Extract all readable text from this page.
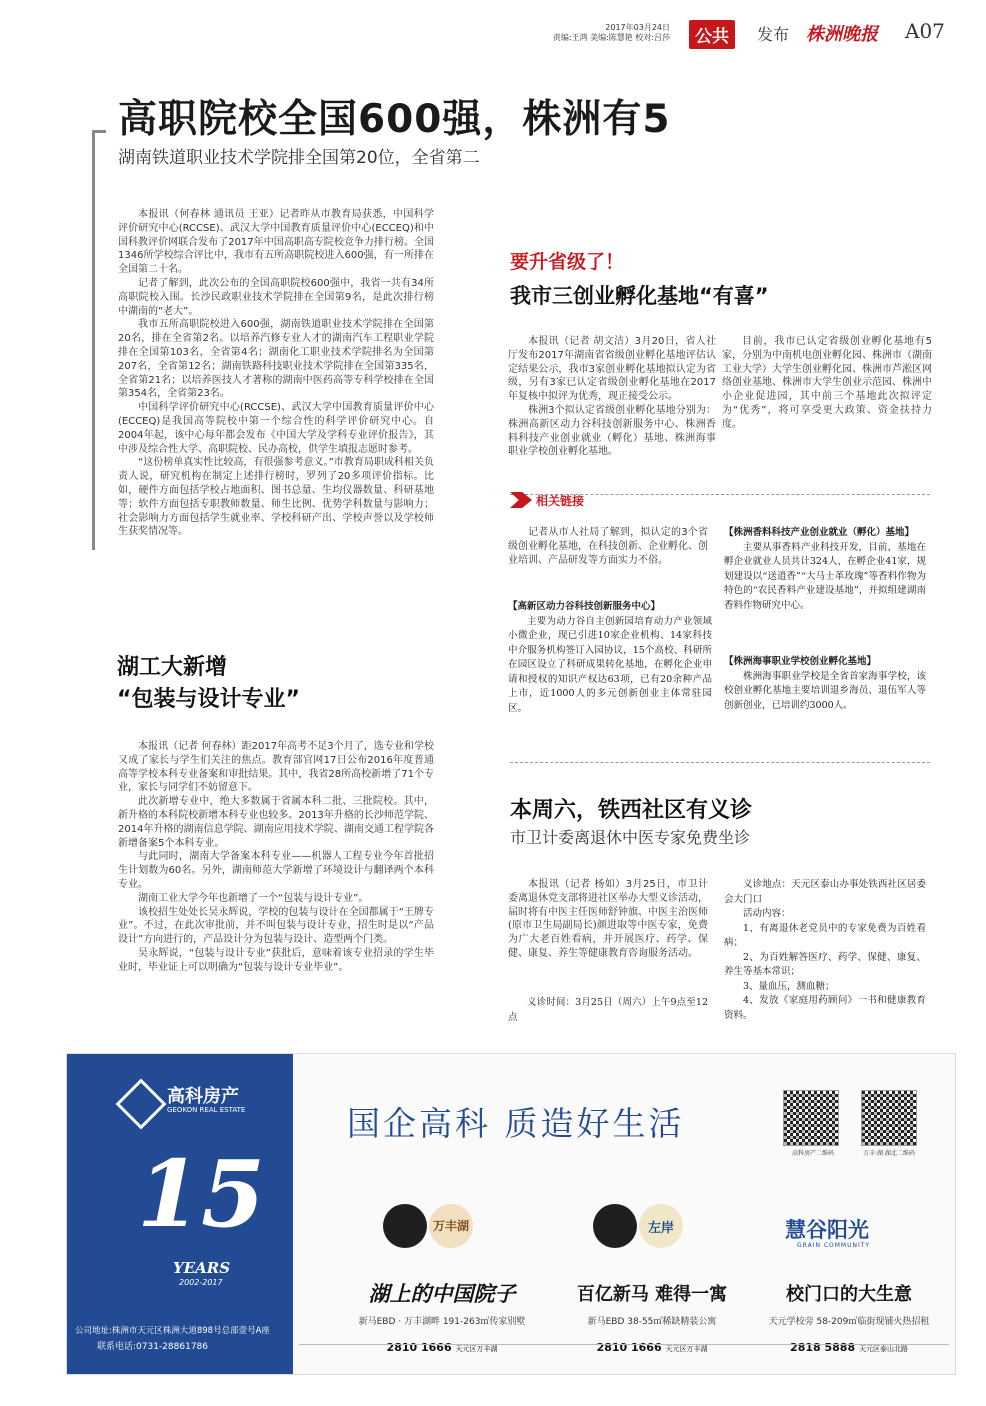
2017年03月24日
责编:王鸿 美编:陈慧艳 校对:吕莎	公共	发布 株洲晚报 A07
高职院校全国600强，株洲有5
湖南铁道职业技术学院排全国第20位，全省第二

本报讯（何春林 通讯员 王亚）记者昨从市教育局获悉，中国科学评价研究中心(RCCSE)、武汉大学中国教育质量评价中心(ECCEQ)和中国科教评价网联合发布了2017年中国高职高专院校竞争力排行榜。全国1346所学校综合评比中，我市有五所高职院校进入600强，有一所排在全国第二十名。

记者了解到，此次公布的全国高职院校600强中，我省一共有34所高职院校入围。长沙民政职业技术学院排在全国第9名，是此次排行榜中湖南的“老大”。

我市五所高职院校进入600强，湖南铁道职业技术学院排在全国第20名，排在全省第2名。以培养汽修专业人才的湖南汽车工程职业学院排在全国第103名，全省第4名；湖南化工职业技术学院排名为全国第207名，全省第12名；湖南铁路科技职业技术学院排在全国第335名，全省第21名；以培养医技人才著称的湖南中医药高等专科学校排在全国第354名，全省第23名。

中国科学评价研究中心(RCCSE)、武汉大学中国教育质量评价中心(ECCEQ)是我国高等院校中第一个综合性的科学评价研究中心。自2004年起，该中心每年都会发布《中国大学及学科专业评价报告》，其中涉及综合性大学、高职院校、民办高校，供学生填报志愿时参考。

“这份榜单真实性比较高，有很强参考意义。”市教育局职成科相关负责人说，研究机构在制定上述排行榜时，罗列了20多项评价指标。比如，硬件方面包括学校占地面积、图书总量、生均仪器数量、科研基地等；软件方面包括专职教师数量、师生比例、优势学科数量与影响力；社会影响力方面包括学生就业率、学校科研产出、学校声誉以及学校师生获奖情况等。

要升省级了！
我市三创业孵化基地“有喜”

本报讯（记者 胡文洁）3月20日，省人社厅发布2017年湖南省省级创业孵化基地评估认定结果公示，我市3家创业孵化基地拟认定为省级，另有3家已认定省级创业孵化基地在2017年复核中拟评为优秀，现正接受公示。

株洲3个拟认定省级创业孵化基地分别为：株洲高新区动力谷科技创新服务中心、株洲香料科技产业创业就业（孵化）基地、株洲海事职业学校创业孵化基地。

目前，我市已认定省级创业孵化基地有5家，分别为中南机电创业孵化园、株洲市（湖南工业大学）大学生创业孵化园、株洲市芦淞区网络创业基地、株洲市大学生创业示范园、株洲中小企业促进园，其中前三个基地此次拟评定为“优秀”，将可享受更大政策、资金扶持力度。

相关链接

记者从市人社局了解到，拟认定的3个省级创业孵化基地，在科技创新、企业孵化、创业培训、产品研发等方面实力不俗。

【高新区动力谷科技创新服务中心】

主要为动力谷自主创新园培育动力产业领域小微企业，现已引进10家企业机构、14家科技中介服务机构签订入园协议，15个高校、科研所在园区设立了科研成果转化基地，在孵化企业申请和授权的知识产权达63项，已有20余种产品上市，近1000人的多元创新创业主体常驻园区。

【株洲香料科技产业创业就业（孵化）基地】

主要从事香料产业科技开发，目前，基地在孵企业就业人员共计324人，在孵企业41家，规划建设以“送逍香”“大马士革玫瑰”等香料作物为特色的“农民香料产业建设基地”，并拟组建湖南香料作物研究中心。

【株洲海事职业学校创业孵化基地】

株洲海事职业学校是全省首家海事学校，该校创业孵化基地主要培训退乡海员、退伍军人等创新创业，已培训约3000人。

湖工大新增
“包装与设计专业”

本报讯（记者 何春林）距2017年高考不足3个月了，选专业和学校又成了家长与学生们关注的焦点。教育部官网17日公布2016年度普通高等学校本科专业备案和审批结果。其中，我省28所高校新增了71个专业，家长与同学们不妨留意下。

此次新增专业中，绝大多数属于省属本科二批、三批院校。其中，新升格的本科院校新增本科专业也较多。2013年升格的长沙师范学院、2014年升格的湖南信息学院、湖南应用技术学院、湖南交通工程学院各新增备案5个本科专业。

与此同时，湖南大学备案本科专业——机器人工程专业今年首批招生计划数为60名。另外，湖南师范大学新增了环境设计与翻译两个本科专业。

湖南工业大学今年也新增了一个“包装与设计专业”。

该校招生处处长吴永辉说，学校的包装与设计在全国都属于“王牌专业”。不过，在此次审批前，并不叫包装与设计专业，招生时是以“产品设计”方向进行的，产品设计分为包装与设计、造型两个门类。

吴永辉说，“包装与设计专业”获批后，意味着该专业招录的学生毕业时，毕业证上可以明确为“包装与设计专业毕业”。

本周六，铁西社区有义诊
市卫计委离退休中医专家免费坐诊

本报讯（记者 杨如）3月25日，市卫计委离退休党支部将进社区举办大型义诊活动，届时将有中医主任医师舒钟旗、中医主治医师(原市卫生局副局长)颜进取等中医专家，免费为广大老百姓看病，并开展医疗、药学、保健、康复、养生等健康教育咨询服务活动。

义诊时间：3月25日（周六）上午9点至12点

义诊地点：天元区泰山办事处铁西社区居委会大门口

活动内容：

1、有离退休老党员中的专家免费为百姓看病；

2、为百姓解答医疗、药学、保健、康复、养生等基本常识；

3、量血压，测血糖；

4、发放《家庭用药顾问》一书和健康教育资料。

高科房产
GEOKON REAL ESTATE
15
YEARS
2002-2017
公司地址:株洲市天元区株洲大道898号总部壹号A座
联系电话:0731-28861786
国企高科 质造好生活
高科房产二维码	万丰·湖 湖北二维码
万丰湖	左岸	慧谷阳光
GRAIN COMMUNITY
湖上的中国院子
新马EBD · 万丰湖畔 191-263㎡传家别墅
2810 1666 天元区万丰湖
百亿新马 难得一寓
新马EBD 38-55㎡稀缺精装公寓
2810 1666 天元区万丰湖
校门口的大生意
天元学校旁 58-209㎡临街现铺火热招租
2818 5888 天元区泰山北路
